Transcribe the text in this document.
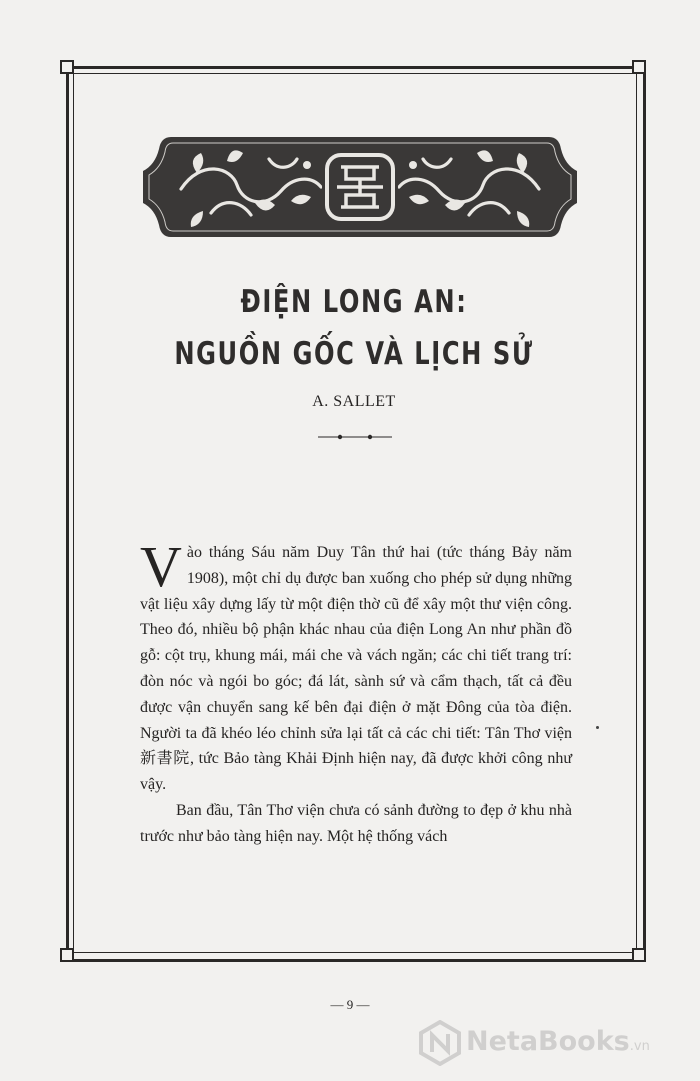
ĐIỆN LONG AN:
NGUỒN GỐC VÀ LỊCH SỬ
A. SALLET

Vào tháng Sáu năm Duy Tân thứ hai (tức tháng Bảy năm 1908), một chỉ dụ được ban xuống cho phép sử dụng những vật liệu xây dựng lấy từ một điện thờ cũ để xây một thư viện công. Theo đó, nhiều bộ phận khác nhau của điện Long An như phần đồ gỗ: cột trụ, khung mái, mái che và vách ngăn; các chi tiết trang trí: đòn nóc và ngói bo góc; đá lát, sành sứ và cẩm thạch, tất cả đều được vận chuyển sang kế bên đại điện ở mặt Đông của tòa điện. Người ta đã khéo léo chỉnh sửa lại tất cả các chi tiết: Tân Thơ viện 新書院, tức Bảo tàng Khải Định hiện nay, đã được khởi công như vậy.

Ban đầu, Tân Thơ viện chưa có sảnh đường to đẹp ở khu nhà trước như bảo tàng hiện nay. Một hệ thống vách

— 9 —
NetaBooks.vn
